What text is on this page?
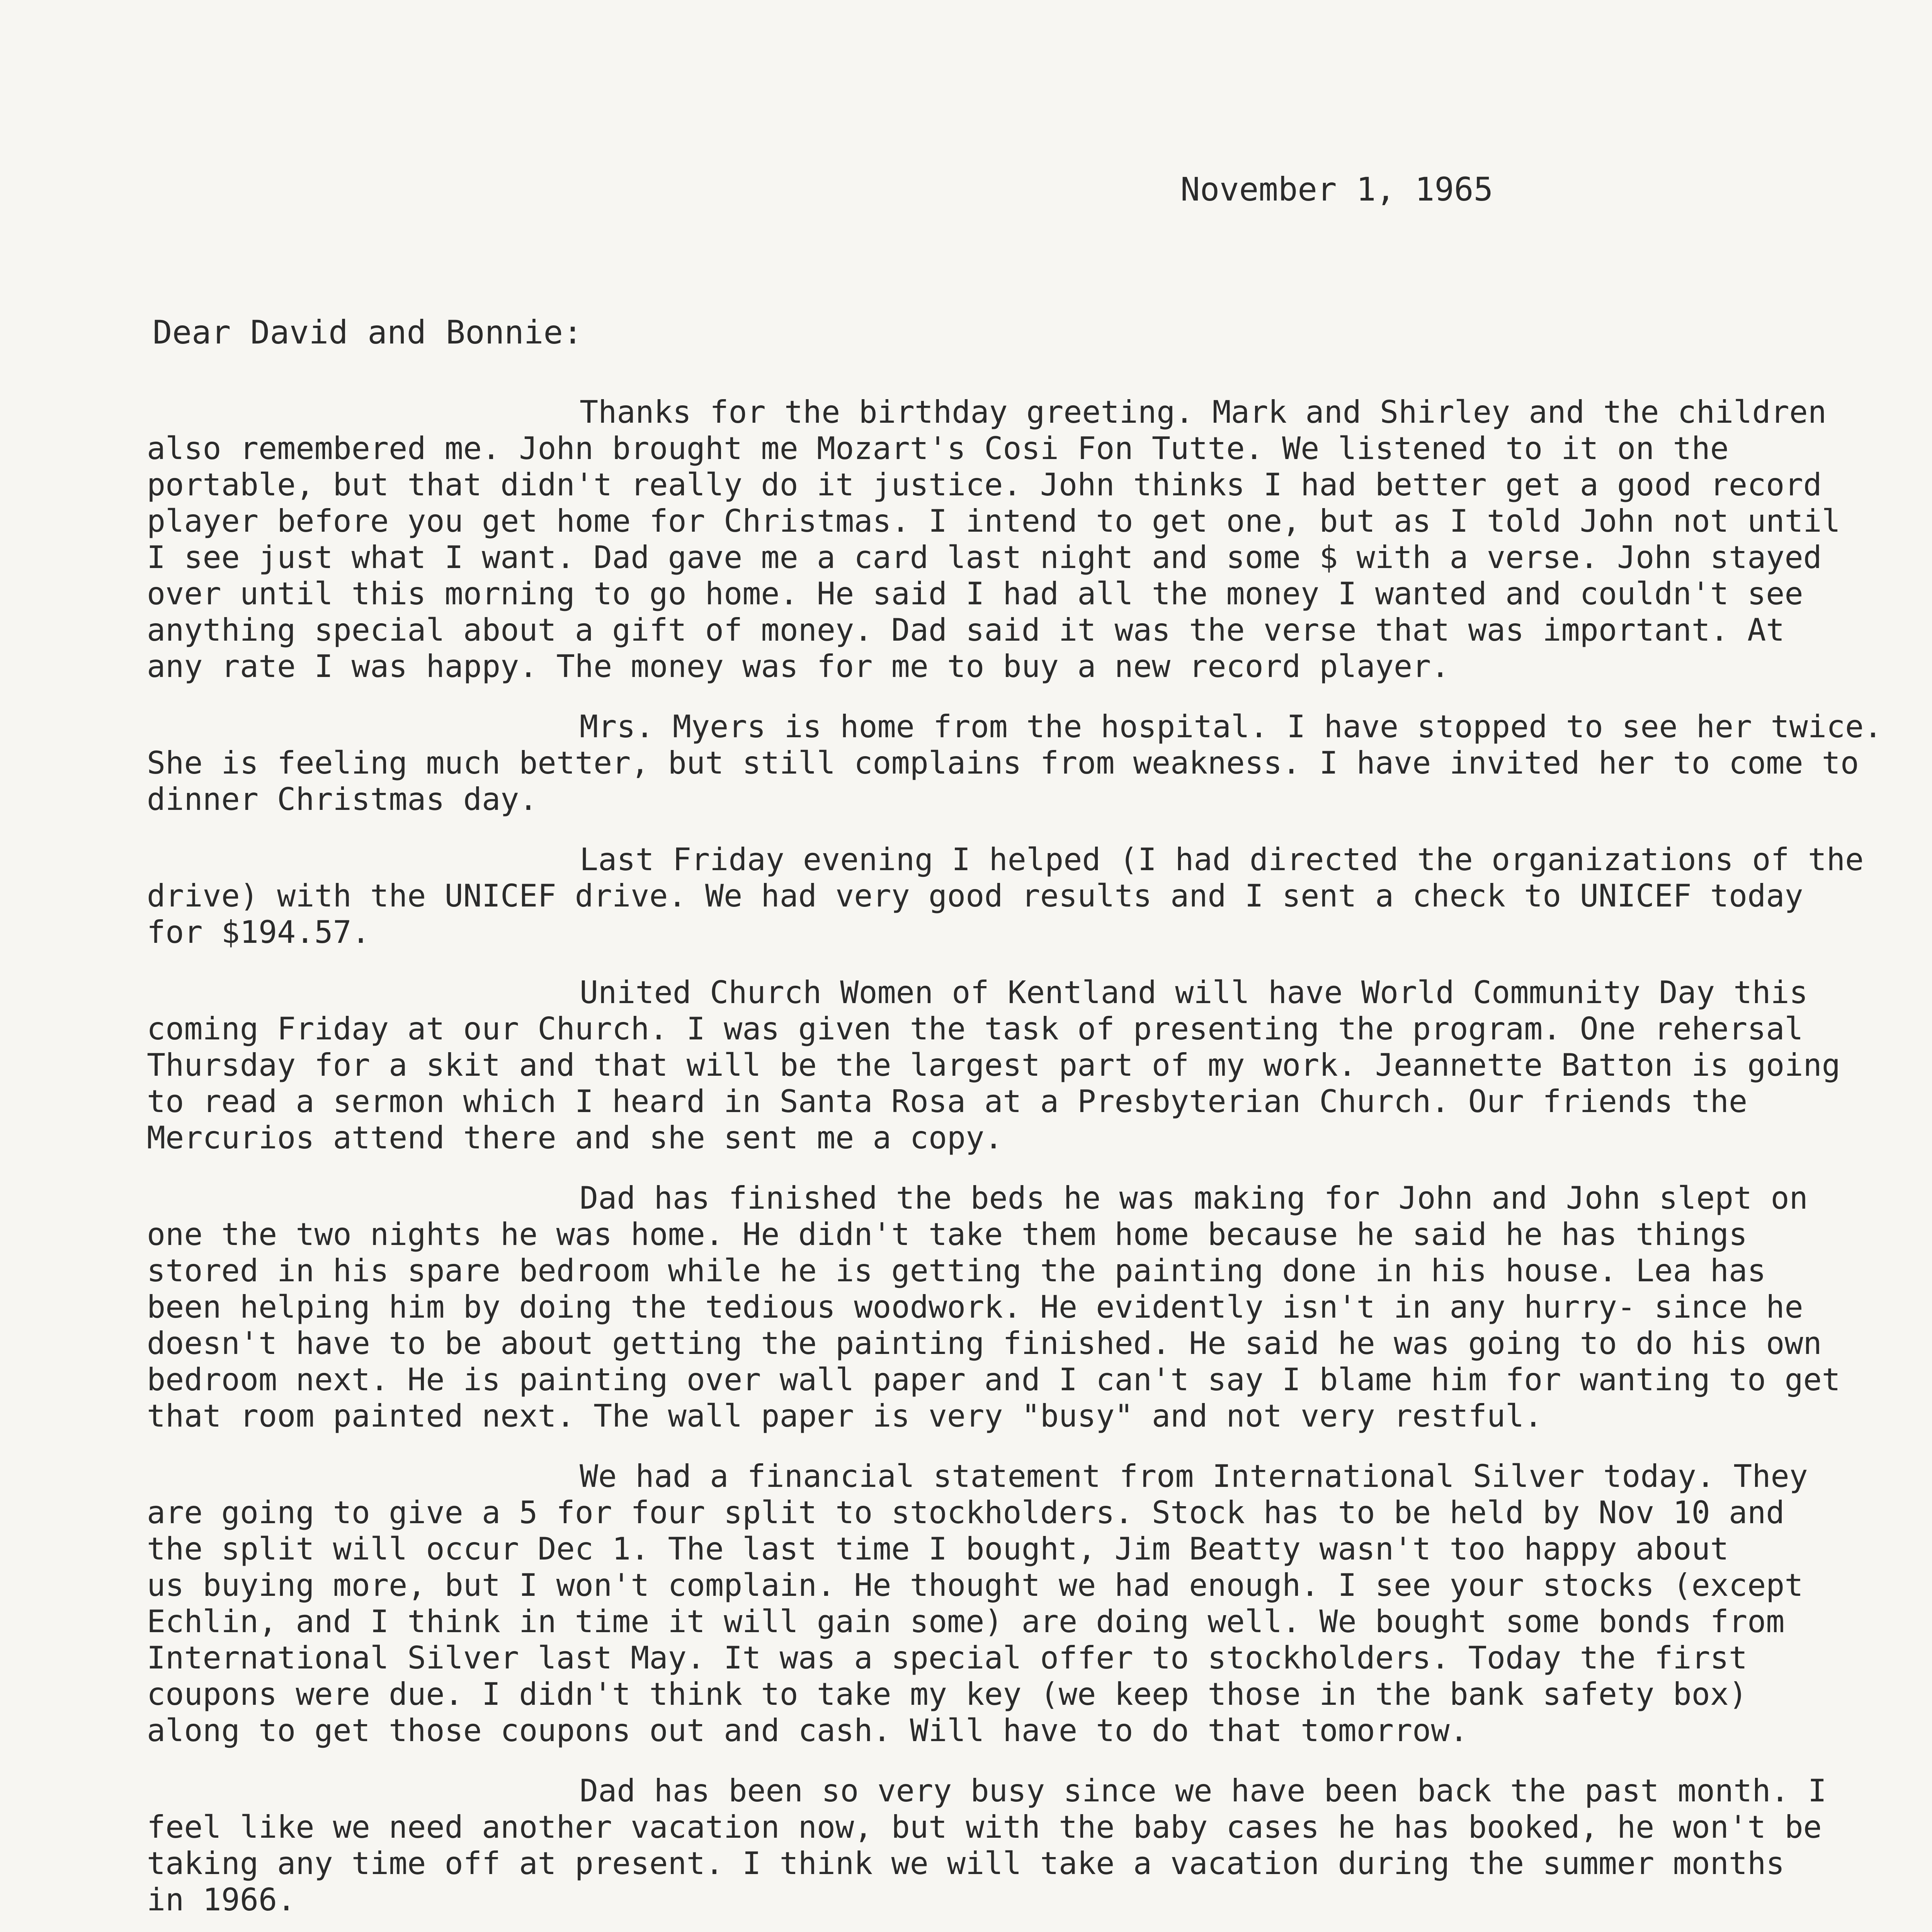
November 1, 1965
Dear David and Bonnie:
Thanks for the birthday greeting. Mark and Shirley and the children
also remembered me. John brought me Mozart's Cosi Fon Tutte. We listened to it on the
portable, but that didn't really do it justice. John thinks I had better get a good record
player before you get home for Christmas. I intend to get one, but as I told John not until
I see just what I want. Dad gave me a card last night and some $ with a verse. John stayed
over until this morning to go home. He said I had all the money I wanted and couldn't see
anything special about a gift of money. Dad said it was the verse that was important. At
any rate I was happy. The money was for me to buy a new record player.
Mrs. Myers is home from the hospital. I have stopped to see her twice.
She is feeling much better, but still complains from weakness. I have invited her to come to
dinner Christmas day.
Last Friday evening I helped (I had directed the organizations of the
drive) with the UNICEF drive. We had very good results and I sent a check to UNICEF today
for $194.57.
United Church Women of Kentland will have World Community Day this
coming Friday at our Church. I was given the task of presenting the program. One rehersal
Thursday for a skit and that will be the largest part of my work. Jeannette Batton is going
to read a sermon which I heard in Santa Rosa at a Presbyterian Church. Our friends the
Mercurios attend there and she sent me a copy.
Dad has finished the beds he was making for John and John slept on
one the two nights he was home. He didn't take them home because he said he has things
stored in his spare bedroom while he is getting the painting done in his house. Lea has
been helping him by doing the tedious woodwork. He evidently isn't in any hurry- since he
doesn't have to be about getting the painting finished. He said he was going to do his own
bedroom next. He is painting over wall paper and I can't say I blame him for wanting to get
that room painted next. The wall paper is very "busy" and not very restful.
We had a financial statement from International Silver today. They
are going to give a 5 for four split to stockholders. Stock has to be held by Nov 10 and
the split will occur Dec 1. The last time I bought, Jim Beatty wasn't too happy about
us buying more, but I won't complain. He thought we had enough. I see your stocks (except
Echlin, and I think in time it will gain some) are doing well. We bought some bonds from
International Silver last May. It was a special offer to stockholders. Today the first
coupons were due. I didn't think to take my key (we keep those in the bank safety box)
along to get those coupons out and cash. Will have to do that tomorrow.
Dad has been so very busy since we have been back the past month. I
feel like we need another vacation now, but with the baby cases he has booked, he won't be
taking any time off at present. I think we will take a vacation during the summer months
in 1966.
